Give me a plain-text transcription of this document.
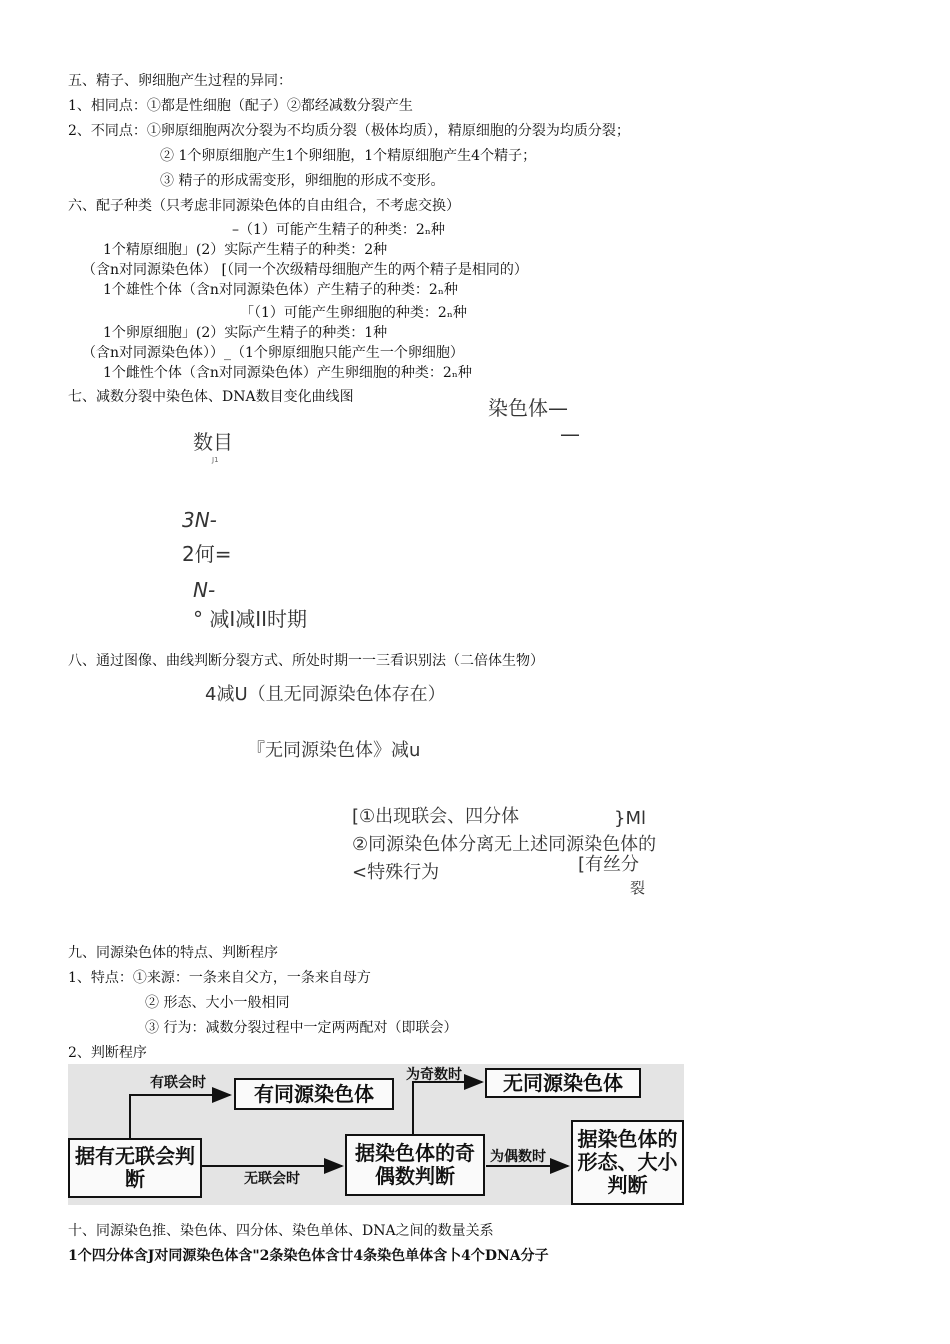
五、精子、卵细胞产生过程的异同：
1、相同点：①都是性细胞（配子）②都经减数分裂产生
2、不同点：①卵原细胞两次分裂为不均质分裂（极体均质），精原细胞的分裂为均质分裂；
② 1个卵原细胞产生1个卵细胞，1个精原细胞产生4个精子；
③ 精子的形成需变形，卵细胞的形成不变形。
六、配子种类（只考虑非同源染色体的自由组合，不考虑交换）
–（1）可能产生精子的种类：2ₙ种
1个精原细胞」(2）实际产生精子的种类：2种
（含n对同源染色体） [（同一个次级精母细胞产生的两个精子是相同的）
1个雄性个体（含n对同源染色体）产生精子的种类：2ₙ种
「（1）可能产生卵细胞的种类：2ₙ种
1个卵原细胞」(2）实际产生精子的种类：1种
（含n对同源染色体））_（1个卵原细胞只能产生一个卵细胞）
1个雌性个体（含n对同源染色体）产生卵细胞的种类：2ₙ种
七、减数分裂中染色体、DNA数目变化曲线图	染色体—
—
数目
J1
3N-
2何=
N-
° 减I减II时期
八、通过图像、曲线判断分裂方式、所处时期一一三看识别法（二倍体生物）
4减U（且无同源染色体存在）
『无同源染色体》减u
[①出现联会、四分体	}Ml
②同源染色体分离无上述同源染色体的
<特殊行为	[有丝分
裂
九、同源染色体的特点、判断程序
1、特点：①来源：一条来自父方，一条来自母方
② 形态、大小一般相同
③ 行为：减数分裂过程中一定两两配对（即联会）
2、判断程序
据有无联会判断
有联会时	有同源染色体
无联会时
据染色体的奇偶数判断
为奇数时	无同源染色体
为偶数时
据染色体的形态、大小判断
十、同源染色推、染色体、四分体、染色单体、DNA之间的数量关系
1个四分体含J对同源染色体含"2条染色体含廿4条染色单体含卜4个DNA分子
